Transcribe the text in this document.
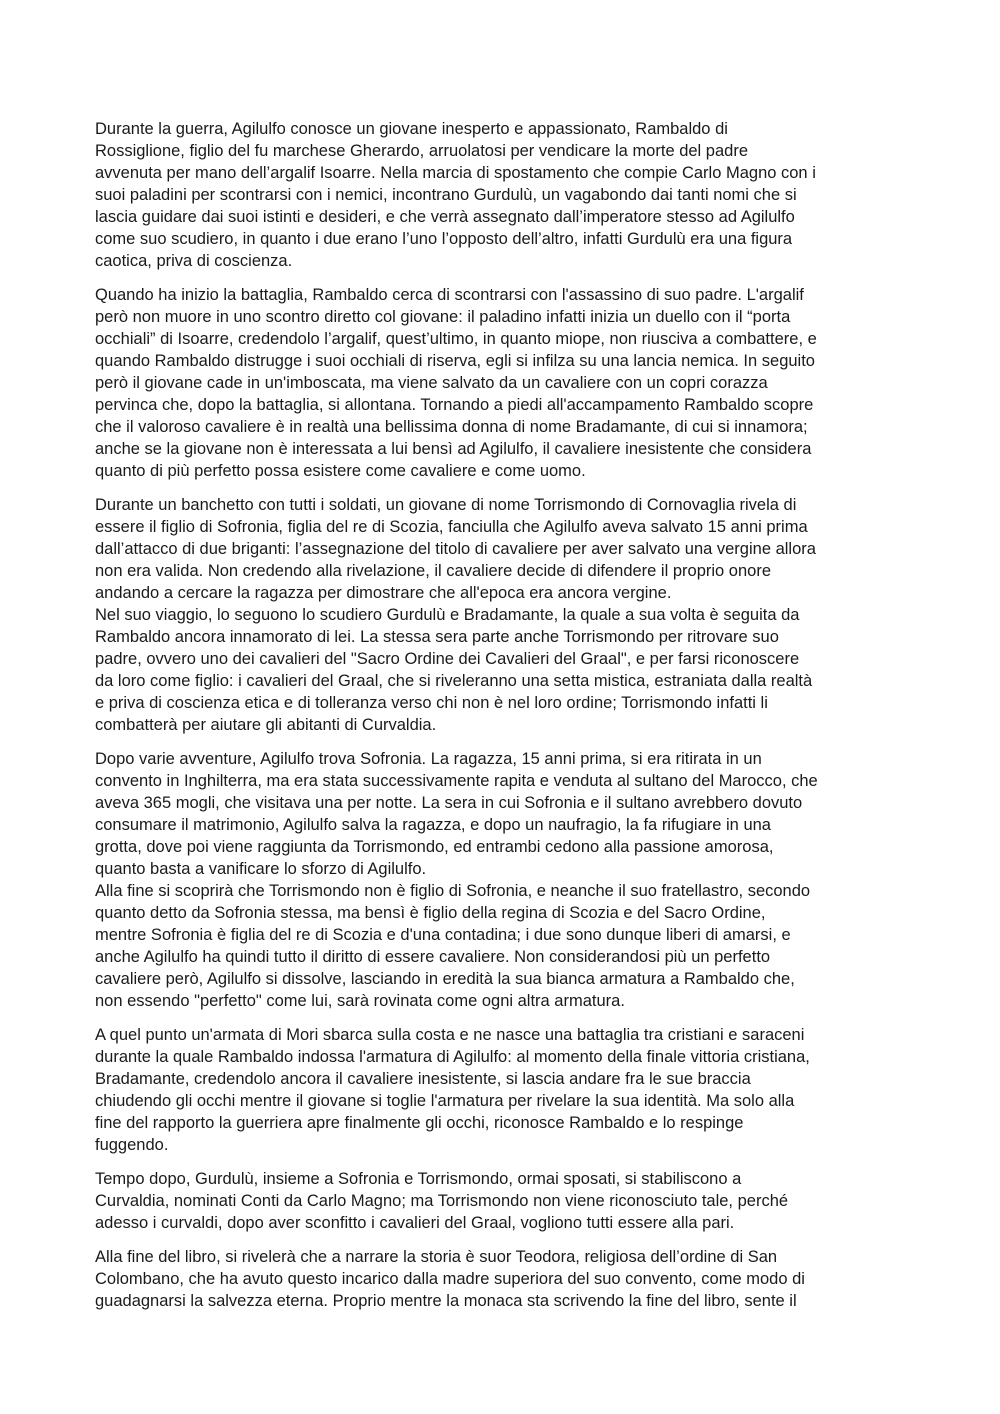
Durante la guerra, Agilulfo conosce un giovane inesperto e appassionato, Rambaldo di
Rossiglione, figlio del fu marchese Gherardo, arruolatosi per vendicare la morte del padre
avvenuta per mano dell’argalif Isoarre. Nella marcia di spostamento che compie Carlo Magno con i
suoi paladini per scontrarsi con i nemici, incontrano Gurdulù, un vagabondo dai tanti nomi che si
lascia guidare dai suoi istinti e desideri, e che verrà assegnato dall’imperatore stesso ad Agilulfo
come suo scudiero, in quanto i due erano l’uno l’opposto dell’altro, infatti Gurdulù era una figura
caotica, priva di coscienza.
Quando ha inizio la battaglia, Rambaldo cerca di scontrarsi con l'assassino di suo padre. L'argalif
però non muore in uno scontro diretto col giovane: il paladino infatti inizia un duello con il “porta
occhiali” di Isoarre, credendolo l’argalif, quest’ultimo, in quanto miope, non riusciva a combattere, e
quando Rambaldo distrugge i suoi occhiali di riserva, egli si infilza su una lancia nemica. In seguito
però il giovane cade in un'imboscata, ma viene salvato da un cavaliere con un copri corazza
pervinca che, dopo la battaglia, si allontana. Tornando a piedi all'accampamento Rambaldo scopre
che il valoroso cavaliere è in realtà una bellissima donna di nome Bradamante, di cui si innamora;
anche se la giovane non è interessata a lui bensì ad Agilulfo, il cavaliere inesistente che considera
quanto di più perfetto possa esistere come cavaliere e come uomo.
Durante un banchetto con tutti i soldati, un giovane di nome Torrismondo di Cornovaglia rivela di
essere il figlio di Sofronia, figlia del re di Scozia, fanciulla che Agilulfo aveva salvato 15 anni prima
dall’attacco di due briganti: l’assegnazione del titolo di cavaliere per aver salvato una vergine allora
non era valida. Non credendo alla rivelazione, il cavaliere decide di difendere il proprio onore
andando a cercare la ragazza per dimostrare che all'epoca era ancora vergine.
Nel suo viaggio, lo seguono lo scudiero Gurdulù e Bradamante, la quale a sua volta è seguita da
Rambaldo ancora innamorato di lei. La stessa sera parte anche Torrismondo per ritrovare suo
padre, ovvero uno dei cavalieri del "Sacro Ordine dei Cavalieri del Graal", e per farsi riconoscere
da loro come figlio: i cavalieri del Graal, che si riveleranno una setta mistica, estraniata dalla realtà
e priva di coscienza etica e di tolleranza verso chi non è nel loro ordine; Torrismondo infatti li
combatterà per aiutare gli abitanti di Curvaldia.
Dopo varie avventure, Agilulfo trova Sofronia. La ragazza, 15 anni prima, si era ritirata in un
convento in Inghilterra, ma era stata successivamente rapita e venduta al sultano del Marocco, che
aveva 365 mogli, che visitava una per notte. La sera in cui Sofronia e il sultano avrebbero dovuto
consumare il matrimonio, Agilulfo salva la ragazza, e dopo un naufragio, la fa rifugiare in una
grotta, dove poi viene raggiunta da Torrismondo, ed entrambi cedono alla passione amorosa,
quanto basta a vanificare lo sforzo di Agilulfo.
Alla fine si scoprirà che Torrismondo non è figlio di Sofronia, e neanche il suo fratellastro, secondo
quanto detto da Sofronia stessa, ma bensì è figlio della regina di Scozia e del Sacro Ordine,
mentre Sofronia è figlia del re di Scozia e d'una contadina; i due sono dunque liberi di amarsi, e
anche Agilulfo ha quindi tutto il diritto di essere cavaliere. Non considerandosi più un perfetto
cavaliere però, Agilulfo si dissolve, lasciando in eredità la sua bianca armatura a Rambaldo che,
non essendo "perfetto" come lui, sarà rovinata come ogni altra armatura.
A quel punto un'armata di Mori sbarca sulla costa e ne nasce una battaglia tra cristiani e saraceni
durante la quale Rambaldo indossa l'armatura di Agilulfo: al momento della finale vittoria cristiana,
Bradamante, credendolo ancora il cavaliere inesistente, si lascia andare fra le sue braccia
chiudendo gli occhi mentre il giovane si toglie l'armatura per rivelare la sua identità. Ma solo alla
fine del rapporto la guerriera apre finalmente gli occhi, riconosce Rambaldo e lo respinge
fuggendo.
Tempo dopo, Gurdulù, insieme a Sofronia e Torrismondo, ormai sposati, si stabiliscono a
Curvaldia, nominati Conti da Carlo Magno; ma Torrismondo non viene riconosciuto tale, perché
adesso i curvaldi, dopo aver sconfitto i cavalieri del Graal, vogliono tutti essere alla pari.
Alla fine del libro, si rivelerà che a narrare la storia è suor Teodora, religiosa dell’ordine di San
Colombano, che ha avuto questo incarico dalla madre superiora del suo convento, come modo di
guadagnarsi la salvezza eterna. Proprio mentre la monaca sta scrivendo la fine del libro, sente il
